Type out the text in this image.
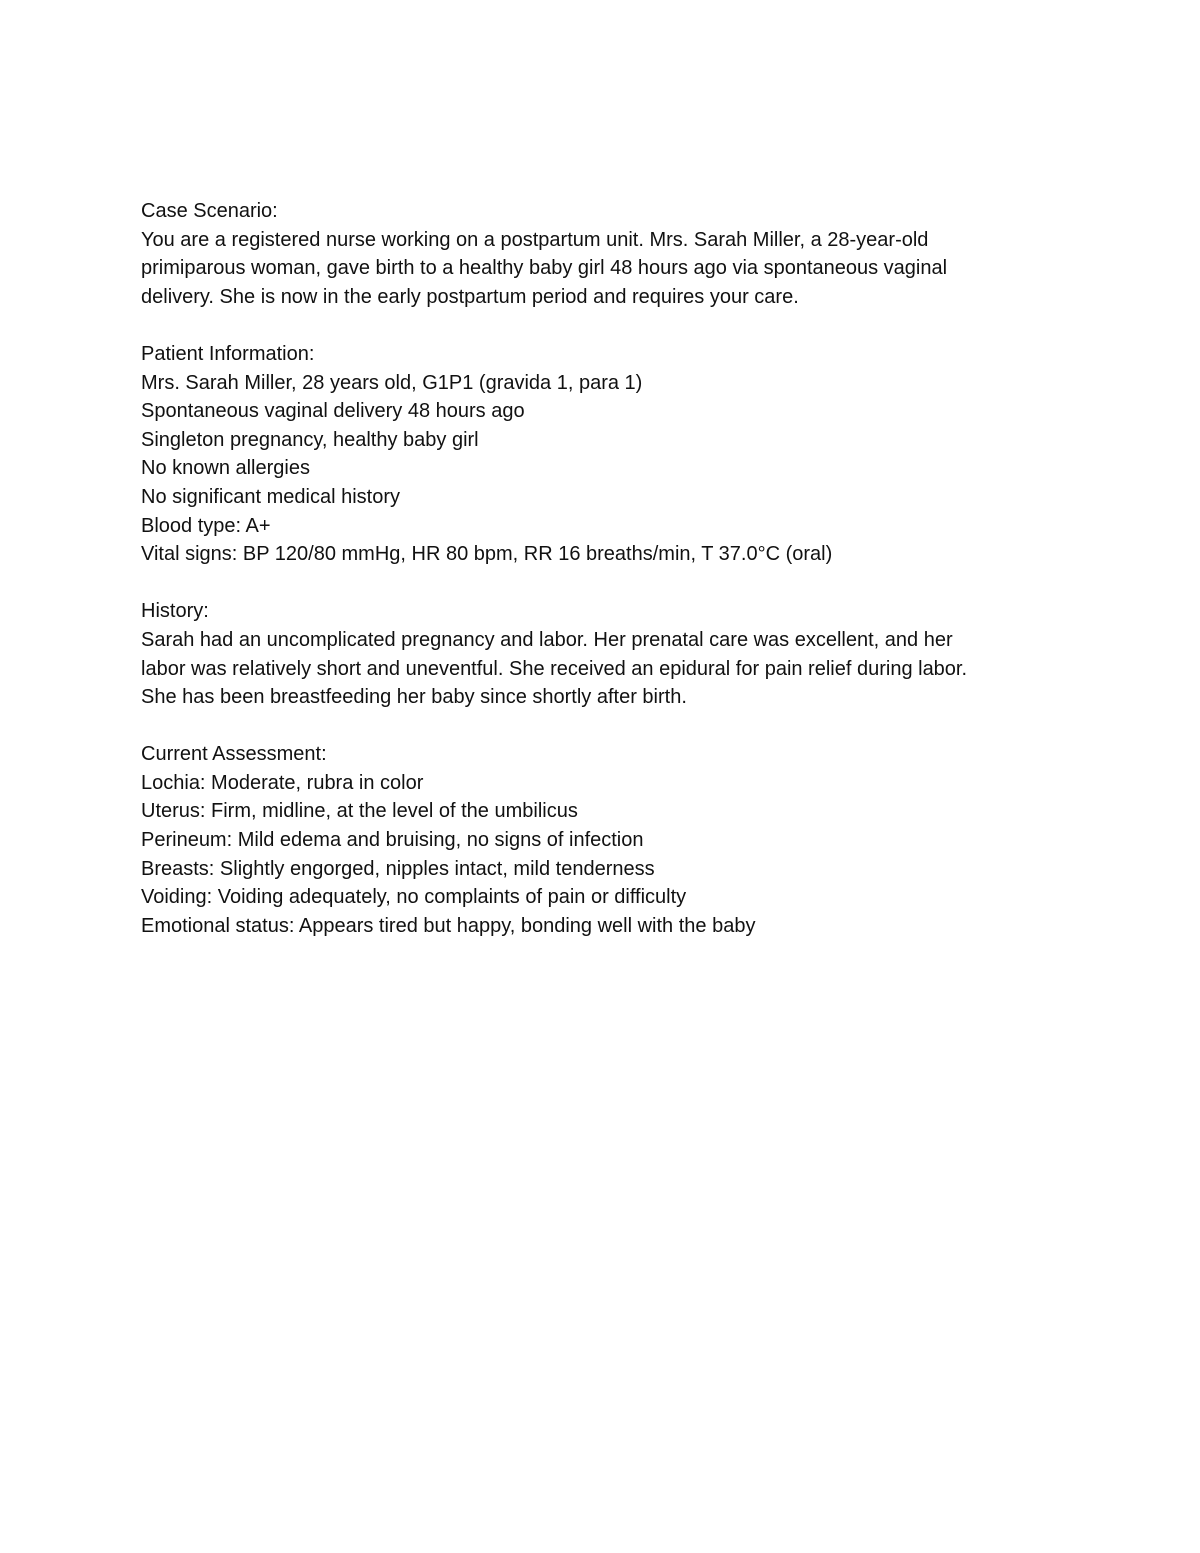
Case Scenario:
You are a registered nurse working on a postpartum unit. Mrs. Sarah Miller, a 28-year-old
primiparous woman, gave birth to a healthy baby girl 48 hours ago via spontaneous vaginal
delivery. She is now in the early postpartum period and requires your care.
Patient Information:
Mrs. Sarah Miller, 28 years old, G1P1 (gravida 1, para 1)
Spontaneous vaginal delivery 48 hours ago
Singleton pregnancy, healthy baby girl
No known allergies
No significant medical history
Blood type: A+
Vital signs: BP 120/80 mmHg, HR 80 bpm, RR 16 breaths/min, T 37.0°C (oral)
History:
Sarah had an uncomplicated pregnancy and labor. Her prenatal care was excellent, and her
labor was relatively short and uneventful. She received an epidural for pain relief during labor.
She has been breastfeeding her baby since shortly after birth.
Current Assessment:
Lochia: Moderate, rubra in color
Uterus: Firm, midline, at the level of the umbilicus
Perineum: Mild edema and bruising, no signs of infection
Breasts: Slightly engorged, nipples intact, mild tenderness
Voiding: Voiding adequately, no complaints of pain or difficulty
Emotional status: Appears tired but happy, bonding well with the baby
